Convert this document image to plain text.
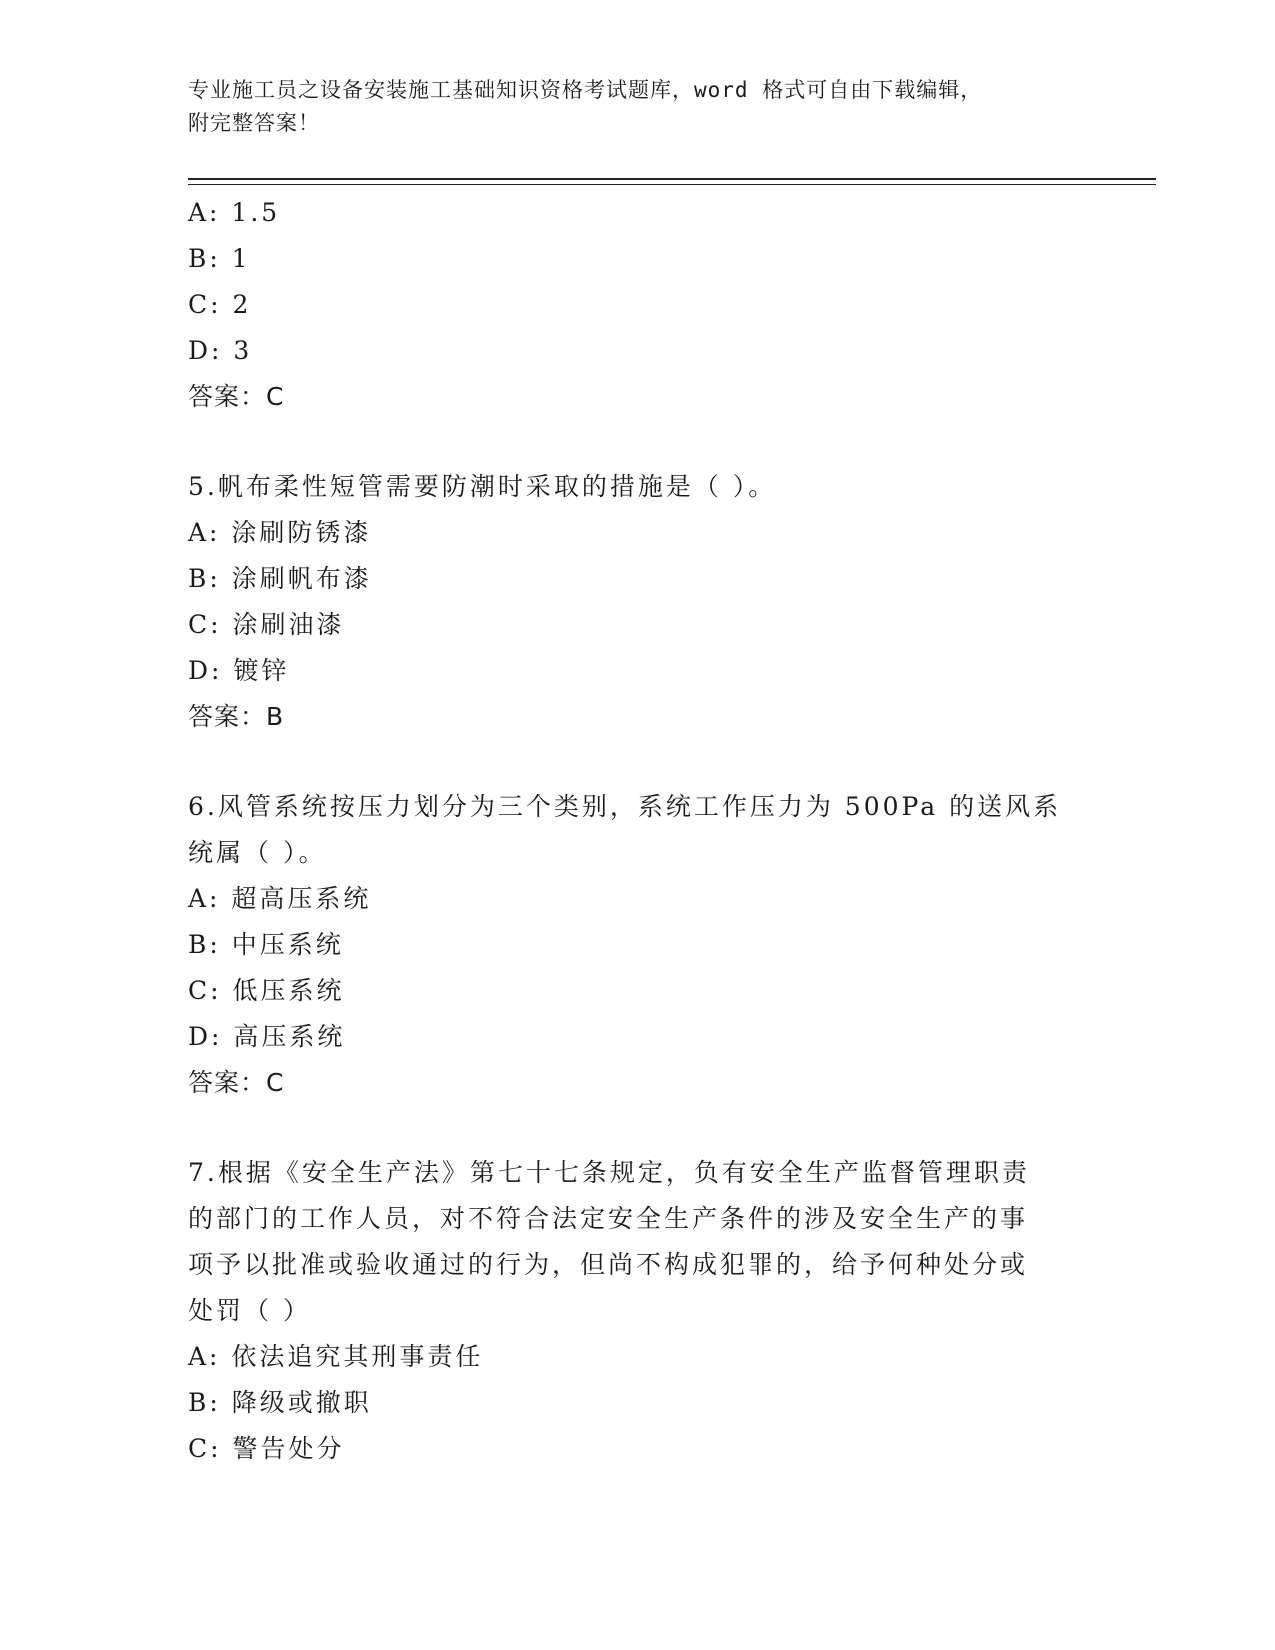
专业施工员之设备安装施工基础知识资格考试题库，word 格式可自由下载编辑，
附完整答案！
A: 1.5
B: 1
C: 2
D: 3
答案：C
5.帆布柔性短管需要防潮时采取的措施是（ ）。
A: 涂刷防锈漆
B: 涂刷帆布漆
C: 涂刷油漆
D: 镀锌
答案：B
6.风管系统按压力划分为三个类别，系统工作压力为 500Pa 的送风系
统属（ ）。
A: 超高压系统
B: 中压系统
C: 低压系统
D: 高压系统
答案：C
7.根据《安全生产法》第七十七条规定，负有安全生产监督管理职责
的部门的工作人员，对不符合法定安全生产条件的涉及安全生产的事
项予以批准或验收通过的行为，但尚不构成犯罪的，给予何种处分或
处罚（ ）
A: 依法追究其刑事责任
B: 降级或撤职
C: 警告处分
